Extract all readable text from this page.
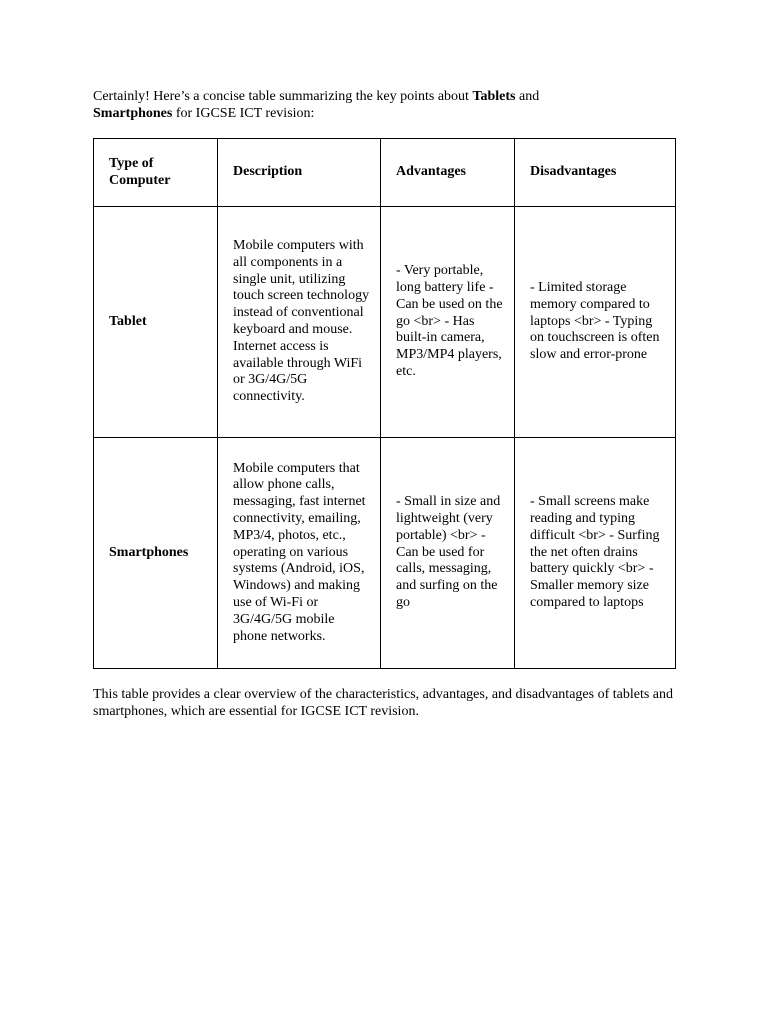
Certainly! Here’s a concise table summarizing the key points about Tablets and
Smartphones for IGCSE ICT revision:

Type of Computer	Description	Advantages	Disadvantages
Tablet	Mobile computers with all components in a single unit, utilizing touch screen technology instead of conventional keyboard and mouse. Internet access is available through WiFi or 3G/4G/5G connectivity.	- Very portable, long battery life - Can be used on the go <br> - Has built-in camera, MP3/MP4 players, etc.	- Limited storage memory compared to laptops <br> - Typing on touchscreen is often slow and error-prone
Smartphones	Mobile computers that allow phone calls, messaging, fast internet connectivity, emailing, MP3/4, photos, etc., operating on various systems (Android, iOS, Windows) and making use of Wi-Fi or 3G/4G/5G mobile phone networks.	- Small in size and lightweight (very portable) <br> - Can be used for calls, messaging, and surfing on the go	- Small screens make reading and typing difficult <br> - Surfing the net often drains battery quickly <br> - Smaller memory size compared to laptops

This table provides a clear overview of the characteristics, advantages, and disadvantages of tablets and smartphones, which are essential for IGCSE ICT revision.
